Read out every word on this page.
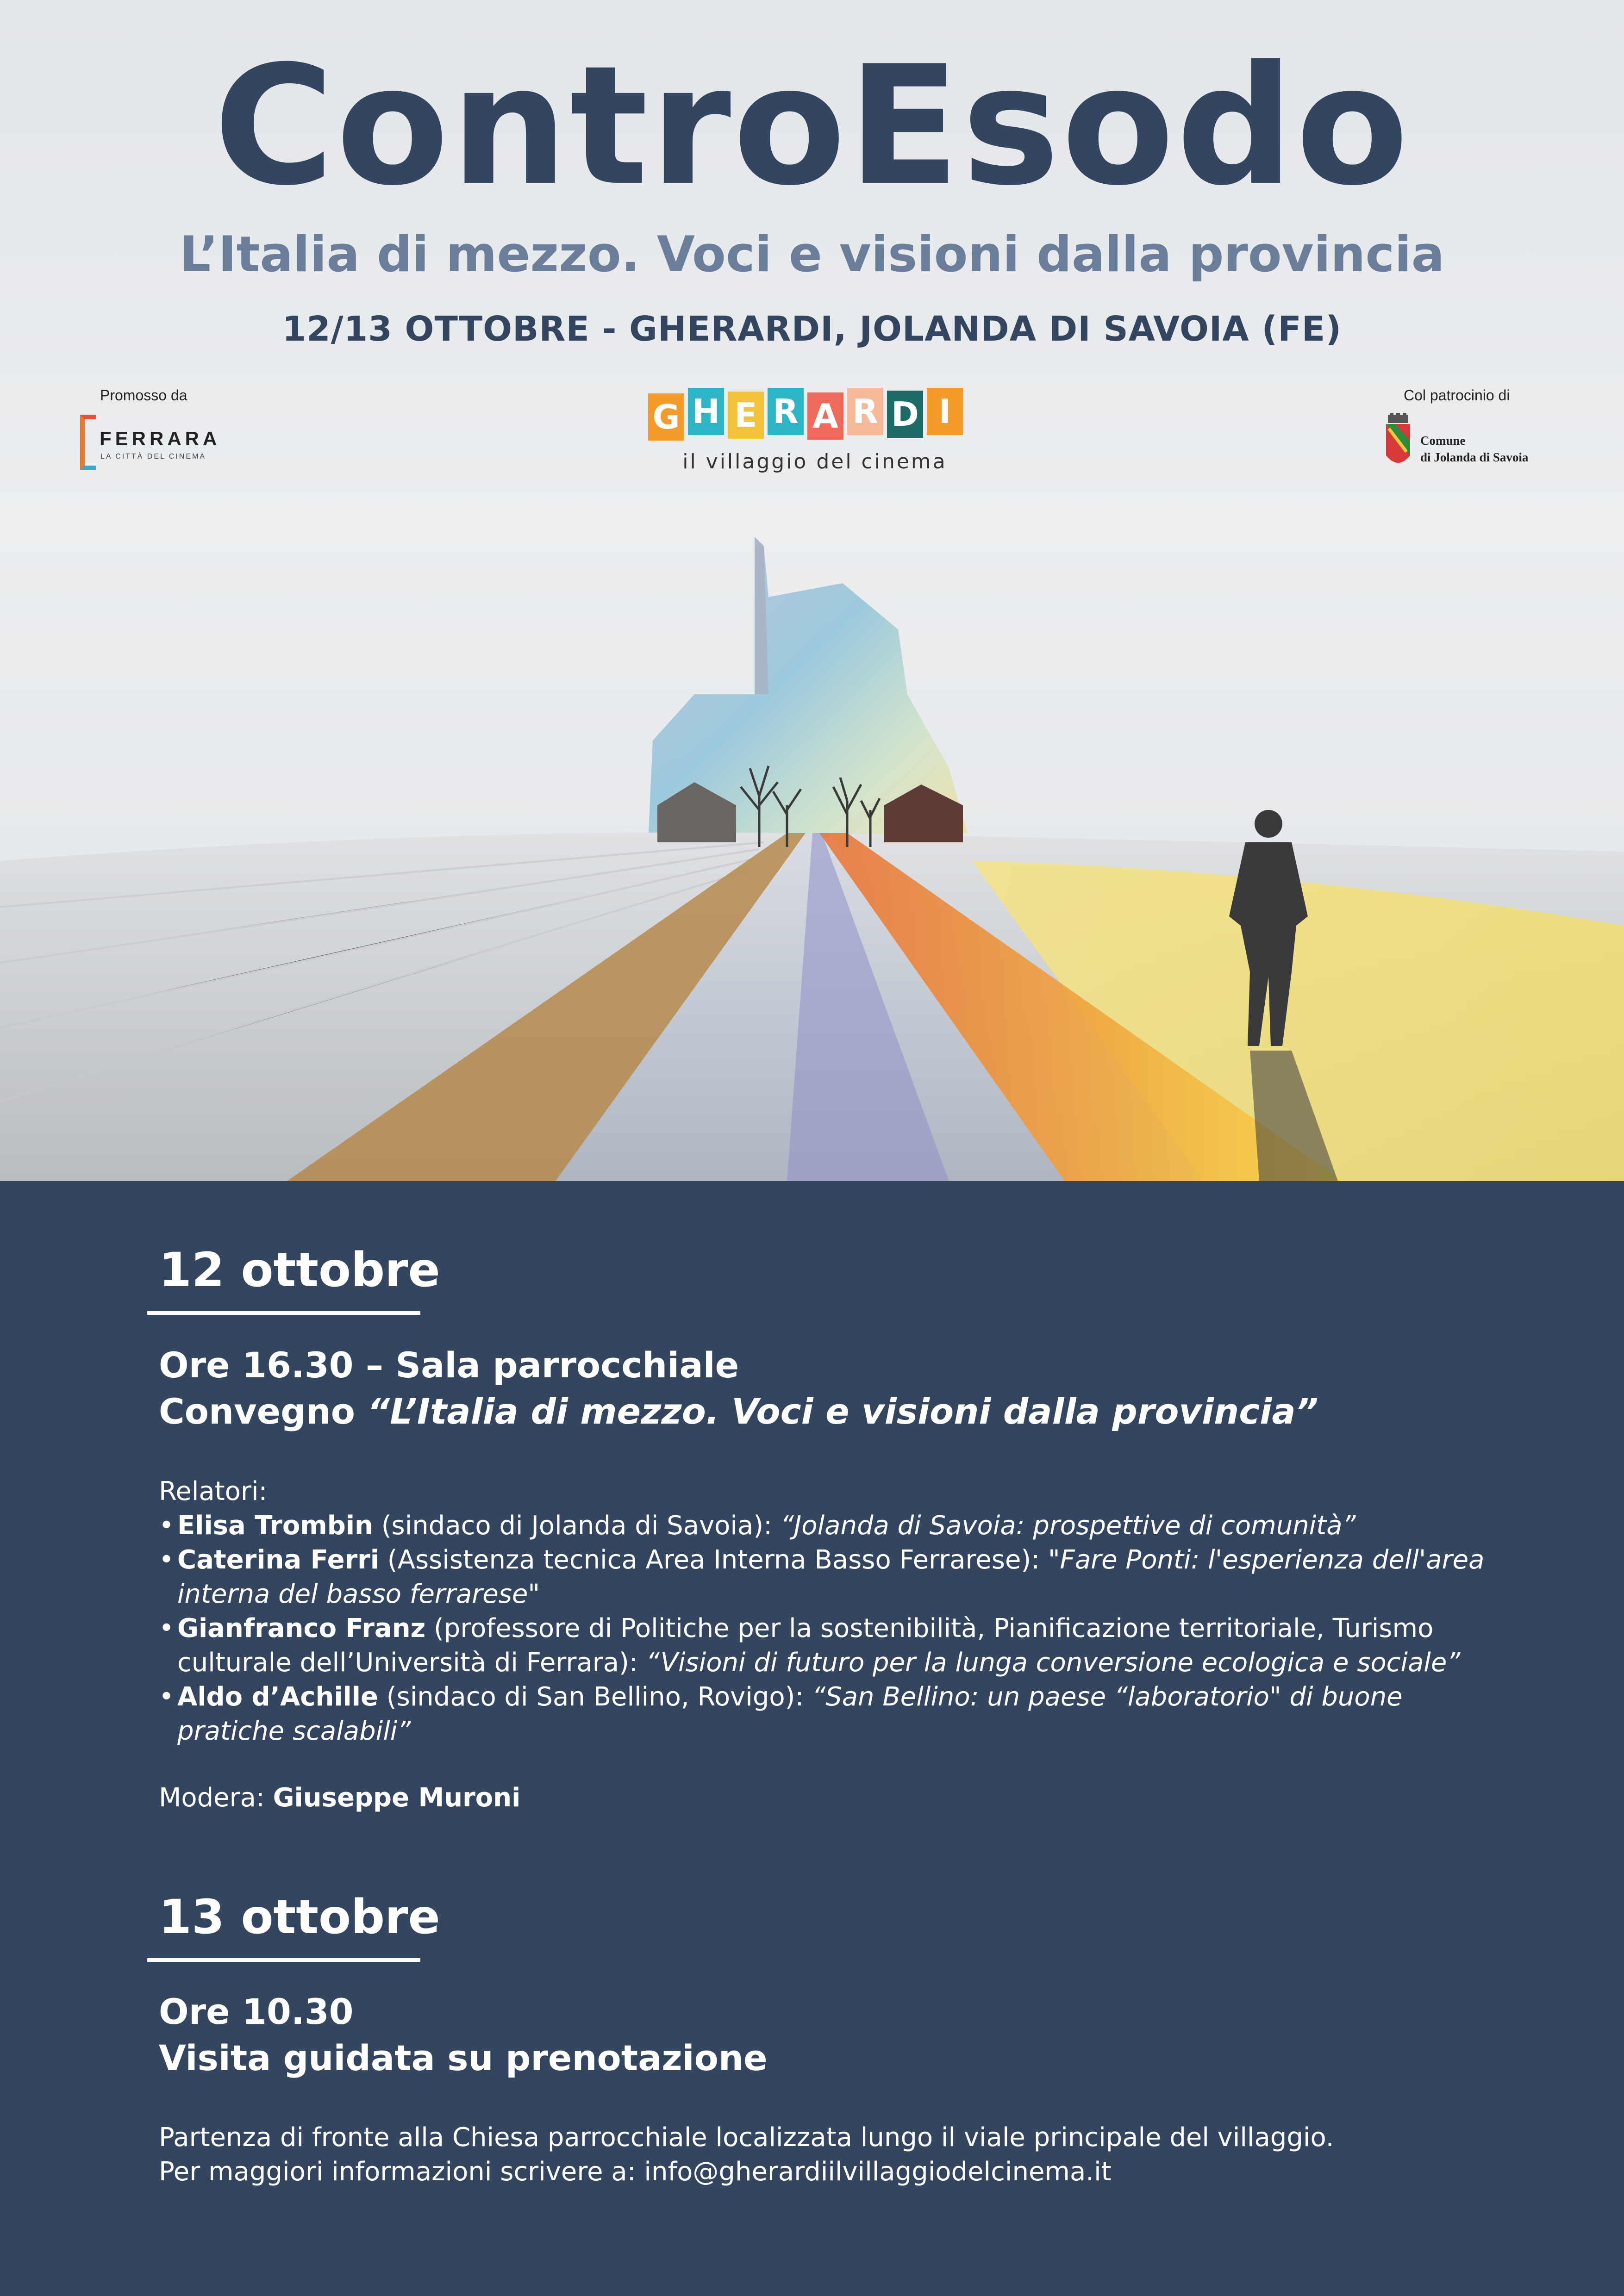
ControEsodo
L’Italia di mezzo. Voci e visioni dalla provincia
12/13 OTTOBRE - GHERARDI, JOLANDA DI SAVOIA (FE)
Promosso da
FERRARA
LA CITTÀ DEL CINEMA
G H E R A R D I
il villaggio del cinema
Col patrocinio di
Comune
di Jolanda di Savoia
12 ottobre
Ore 16.30 – Sala parrocchiale
Convegno “L’Italia di mezzo. Voci e visioni dalla provincia”
Relatori:
• Elisa Trombin (sindaco di Jolanda di Savoia): “Jolanda di Savoia: prospettive di comunità”
• Caterina Ferri (Assistenza tecnica Area Interna Basso Ferrarese): "Fare Ponti: l'esperienza dell'area interna del basso ferrarese"
• Gianfranco Franz (professore di Politiche per la sostenibilità, Pianificazione territoriale, Turismo culturale dell’Università di Ferrara): “Visioni di futuro per la lunga conversione ecologica e sociale”
• Aldo d’Achille (sindaco di San Bellino, Rovigo): “San Bellino: un paese “laboratorio" di buone pratiche scalabili”
Modera: Giuseppe Muroni
13 ottobre
Ore 10.30
Visita guidata su prenotazione
Partenza di fronte alla Chiesa parrocchiale localizzata lungo il viale principale del villaggio.
Per maggiori informazioni scrivere a: info@gherardiilvillaggiodelcinema.it
